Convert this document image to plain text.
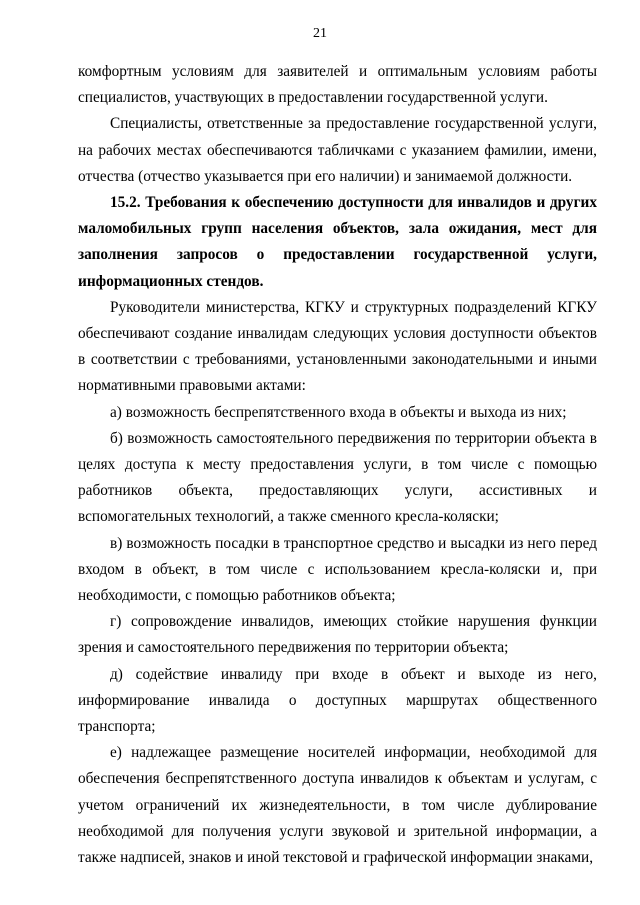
21

комфортным условиям для заявителей и оптимальным условиям работы специалистов, участвующих в предоставлении государственной услуги.

Специалисты, ответственные за предоставление государственной услуги, на рабочих местах обеспечиваются табличками с указанием фамилии, имени, отчества (отчество указывается при его наличии) и занимаемой должности.

15.2. Требования к обеспечению доступности для инвалидов и других маломобильных групп населения объектов, зала ожидания, мест для заполнения запросов о предоставлении государственной услуги, информационных стендов.

Руководители министерства, КГКУ и структурных подразделений КГКУ обеспечивают создание инвалидам следующих условия доступности объектов в соответствии с требованиями, установленными законодательными и иными нормативными правовыми актами:

а) возможность беспрепятственного входа в объекты и выхода из них;

б) возможность самостоятельного передвижения по территории объекта в целях доступа к месту предоставления услуги, в том числе с помощью работников объекта, предоставляющих услуги, ассистивных и вспомогательных технологий, а также сменного кресла-коляски;

в) возможность посадки в транспортное средство и высадки из него перед входом в объект, в том числе с использованием кресла-коляски и, при необходимости, с помощью работников объекта;

г) сопровождение инвалидов, имеющих стойкие нарушения функции зрения и самостоятельного передвижения по территории объекта;

д) содействие инвалиду при входе в объект и выходе из него, информирование инвалида о доступных маршрутах общественного транспорта;

е) надлежащее размещение носителей информации, необходимой для обеспечения беспрепятственного доступа инвалидов к объектам и услугам, с учетом ограничений их жизнедеятельности, в том числе дублирование необходимой для получения услуги звуковой и зрительной информации, а также надписей, знаков и иной текстовой и графической информации знаками,
